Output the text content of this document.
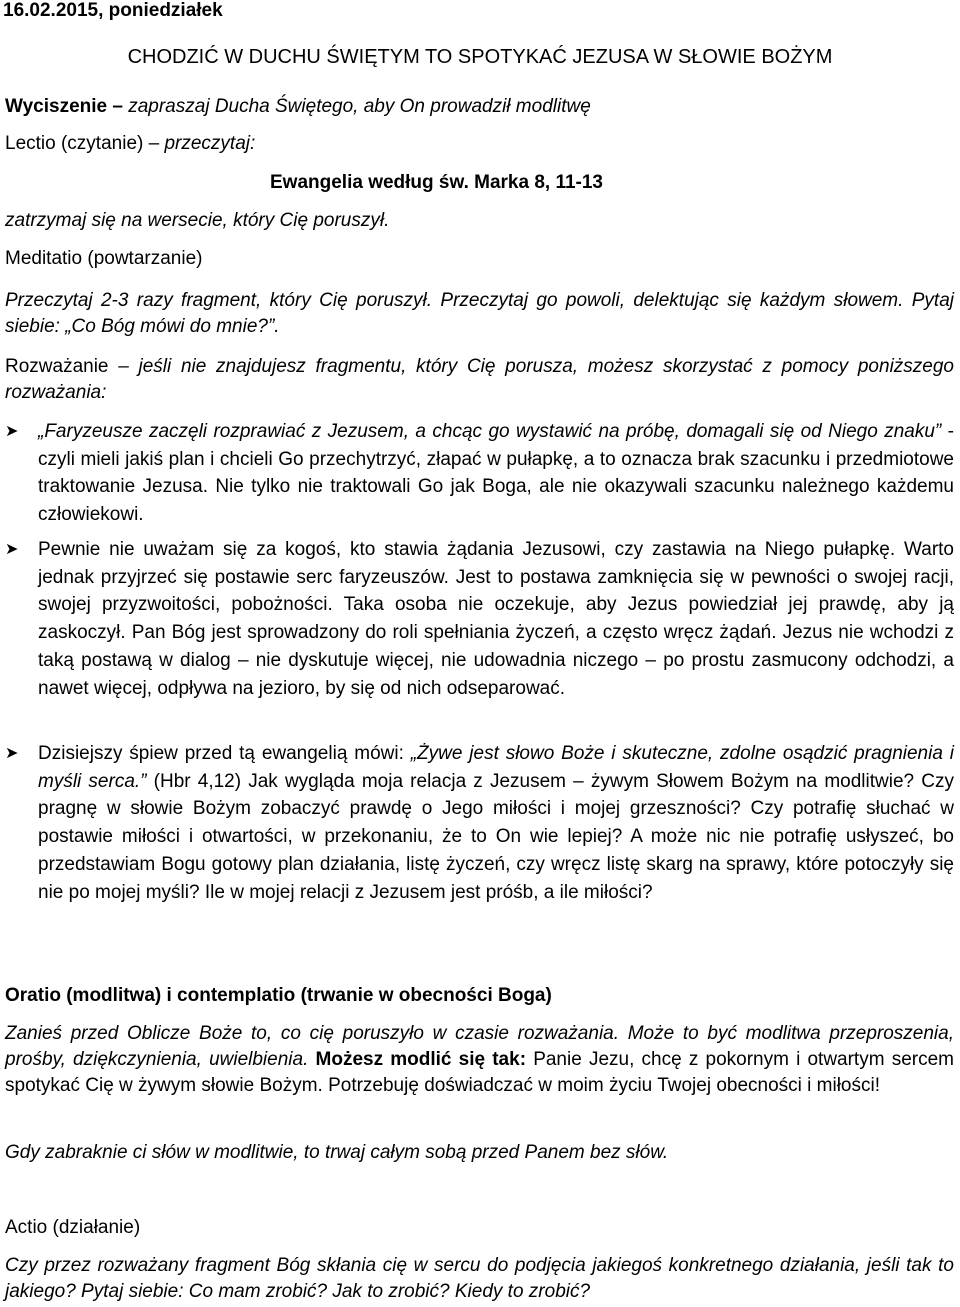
16.02.2015, poniedziałek
CHODZIĆ W DUCHU ŚWIĘTYM TO SPOTYKAĆ JEZUSA W SŁOWIE BOŻYM
Wyciszenie – zapraszaj Ducha Świętego, aby On prowadził modlitwę
Lectio (czytanie) – przeczytaj:
Ewangelia według św. Marka 8, 11-13
zatrzymaj się na wersecie, który Cię poruszył.
Meditatio (powtarzanie)
Przeczytaj 2-3 razy fragment, który Cię poruszył. Przeczytaj go powoli, delektując się każdym słowem. Pytaj siebie: „Co Bóg mówi do mnie?”.
Rozważanie – jeśli nie znajdujesz fragmentu, który Cię porusza, możesz skorzystać z pomocy poniższego rozważania:
➤ „Faryzeusze zaczęli rozprawiać z Jezusem, a chcąc go wystawić na próbę, domagali się od Niego znaku” - czyli mieli jakiś plan i chcieli Go przechytrzyć, złapać w pułapkę, a to oznacza brak szacunku i przedmiotowe traktowanie Jezusa. Nie tylko nie traktowali Go jak Boga, ale nie okazywali szacunku należnego każdemu człowiekowi.
➤ Pewnie nie uważam się za kogoś, kto stawia żądania Jezusowi, czy zastawia na Niego pułapkę. Warto jednak przyjrzeć się postawie serc faryzeuszów. Jest to postawa zamknięcia się w pewności o swojej racji, swojej przyzwoitości, pobożności. Taka osoba nie oczekuje, aby Jezus powiedział jej prawdę, aby ją zaskoczył. Pan Bóg jest sprowadzony do roli spełniania życzeń, a często wręcz żądań. Jezus nie wchodzi z taką postawą w dialog – nie dyskutuje więcej, nie udowadnia niczego – po prostu zasmucony odchodzi, a nawet więcej, odpływa na jezioro, by się od nich odseparować.
➤ Dzisiejszy śpiew przed tą ewangelią mówi: „Żywe jest słowo Boże i skuteczne, zdolne osądzić pragnienia i myśli serca.” (Hbr 4,12) Jak wygląda moja relacja z Jezusem – żywym Słowem Bożym na modlitwie? Czy pragnę w słowie Bożym zobaczyć prawdę o Jego miłości i mojej grzeszności? Czy potrafię słuchać w postawie miłości i otwartości, w przekonaniu, że to On wie lepiej? A może nic nie potrafię usłyszeć, bo przedstawiam Bogu gotowy plan działania, listę życzeń, czy wręcz listę skarg na sprawy, które potoczyły się nie po mojej myśli? Ile w mojej relacji z Jezusem jest próśb, a ile miłości?
Oratio (modlitwa) i contemplatio (trwanie w obecności Boga)
Zanieś przed Oblicze Boże to, co cię poruszyło w czasie rozważania. Może to być modlitwa przeproszenia, prośby, dziękczynienia, uwielbienia. Możesz modlić się tak: Panie Jezu, chcę z pokornym i otwartym sercem spotykać Cię w żywym słowie Bożym. Potrzebuję doświadczać w moim życiu Twojej obecności i miłości!
Gdy zabraknie ci słów w modlitwie, to trwaj całym sobą przed Panem bez słów.
Actio (działanie)
Czy przez rozważany fragment Bóg skłania cię w sercu do podjęcia jakiegoś konkretnego działania, jeśli tak to jakiego? Pytaj siebie: Co mam zrobić? Jak to zrobić? Kiedy to zrobić?
